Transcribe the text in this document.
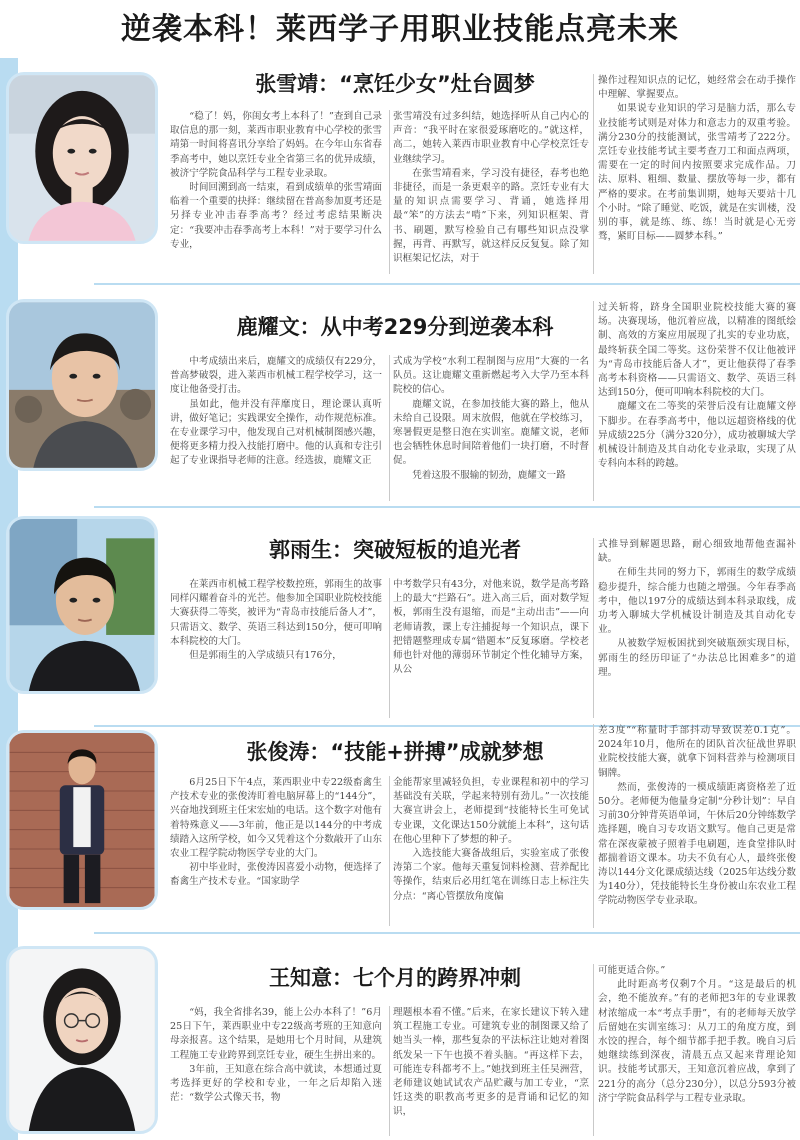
逆袭本科！莱西学子用职业技能点亮未来
张雪靖：“烹饪少女”灶台圆梦

“稳了！妈，你闺女考上本科了！”查到自己录取信息的那一刻，莱西市职业教育中心学校的张雪靖第一时间将喜讯分享给了妈妈。在今年山东省春季高考中，她以烹饪专业全省第三名的优异成绩，被济宁学院食品科学与工程专业录取。

时间回溯到高一结束，看到成绩单的张雪靖面临着一个重要的抉择：继续留在普高参加夏考还是另择专业冲击春季高考？经过考虑结果断决定：“我要冲击春季高考上本科！”对于要学习什么专业，

张雪靖没有过多纠结，她选择听从自己内心的声音：“我平时在家很爱琢磨吃的。”就这样，高二，她转入莱西市职业教育中心学校烹饪专业继续学习。

在张雪靖看来，学习没有捷径，春考也绝非捷径，而是一条更艰辛的路。烹饪专业有大量的知识点需要学习、背诵，她选择用最“笨”的方法去“啃”下来，列知识框架、背书、刷题，默写检验自己有哪些知识点没掌握，再背、再默写，就这样反反复复。除了知识框架记忆法，对于

操作过程知识点的记忆，她经常会在动手操作中理解、掌握要点。

如果说专业知识的学习是脑力活，那么专业技能考试则是对体力和意志力的双重考验。满分230分的技能测试，张雪靖考了222分。烹饪专业技能考试主要考查刀工和面点两项，需要在一定的时间内按照要求完成作品。刀法、原料、粗细、数量、摆放等每一步，都有严格的要求。在考前集训期，她每天要站十几个小时。“除了睡觉、吃饭，就是在实训楼，没别的事，就是练、练、练！当时就是心无旁骛，紧盯目标——圆梦本科。”

鹿耀文：从中考229分到逆袭本科

中考成绩出来后，鹿耀文的成绩仅有229分，普高梦破裂，进入莱西市机械工程学校学习，这一度让他备受打击。

虽如此，他并没有萍靡度日，理论课认真听讲，做好笔记；实践课安全操作，动作规范标准。在专业课学习中，他发现自己对机械制图感兴趣，便将更多精力投入技能打磨中。他的认真和专注引起了专业课指导老师的注意。经选拔，鹿耀文正

式成为学校“水利工程制图与应用”大赛的一名队员。这让鹿耀文重新燃起考入大学乃至本科院校的信心。

鹿耀文说，在参加技能大赛的路上，他从未给自己设限。周末放假，他就在学校练习，寒暑假更是整日泡在实训室。鹿耀文说，老师也会牺牲休息时间陪着他们一块打磨，不时督促。

凭着这股不服输的韧劲，鹿耀文一路

过关斩将，跻身全国职业院校技能大赛的赛场。决赛现场，他沉着应战，以精准的图纸绘制、高效的方案应用展现了扎实的专业功底，最终斩获全国二等奖。这份荣誉不仅让他被评为“青岛市技能后备人才”，更让他获得了春季高考本科资格——只需语文、数学、英语三科达到150分，便可叩响本科院校的大门。

鹿耀文在二等奖的荣誉后没有让鹿耀文停下脚步。在春季高考中，他以远超资格线的优异成绩225分（满分320分），成功被聊城大学机械设计制造及其自动化专业录取，实现了从专科向本科的跨越。

郭雨生：突破短板的追光者

在莱西市机械工程学校数控班，郭雨生的故事同样闪耀着奋斗的光芒。他参加全国职业院校技能大赛获得二等奖，被评为“青岛市技能后备人才”，只需语文、数学、英语三科达到150分，便可叩响本科院校的大门。

但是郭雨生的入学成绩只有176分，

中考数学只有43分，对他来说，数学是高考路上的最大“拦路石”。进入高三后，面对数学短板，郭雨生没有退缩，而是“主动出击”——向老师请教，课上专注捕捉每一个知识点，课下把错题整理成专属“错题本”反复琢磨。学校老师也针对他的薄弱环节制定个性化辅导方案，从公

式推导到解题思路，耐心细致地帮他查漏补缺。

在师生共同的努力下，郭雨生的数学成绩稳步提升，综合能力也随之增强。今年春季高考中，他以197分的成绩达到本科录取线，成功考入聊城大学机械设计制造及其自动化专业。

从被数学短板困扰到突破瓶颈实现目标，郭雨生的经历印证了“办法总比困难多”的道理。

张俊涛：“技能+拼搏”成就梦想

6月25日下午4点，莱西职业中专22级畜禽生产技术专业的张俊涛盯着电脑屏幕上的“144分”，兴奋地找到班主任宋宏灿的电话。这个数字对他有着特殊意义——3年前，他正是以144分的中考成绩踏入这所学校，如今又凭着这个分数敲开了山东农业工程学院动物医学专业的大门。

初中毕业时，张俊涛因喜爱小动物，便选择了畜禽生产技术专业。“国家助学

金能帮家里减轻负担，专业课程和初中的学习基础没有关联，学起来特别有劲儿。”一次技能大赛宣讲会上，老师提到“技能特长生可免试专业课，文化课达150分就能上本科”，这句话在他心里种下了梦想的种子。

入选技能大赛备战组后，实验室成了张俊涛第二个家。他每天重复饲料检测、营养配比等操作，结束后必用红笔在训练日志上标注失分点：“离心管摆放角度偏

差3度”“称量时手部抖动导致误差0.1克”。2024年10月，他所在的团队首次征战世界职业院校技能大赛，就拿下饲料营养与检测项目铜牌。

然而，张俊涛的一模成绩距离资格差了近50分。老师便为他量身定制“分秒计划”：早自习前30分钟背英语单词，午休后20分钟练数学选择题，晚自习专攻语文默写。他自己更是常常在深夜蒙被子照着手电刷题，连食堂排队时都揣着语文课本。功夫不负有心人，最终张俊涛以144分文化课成绩达线（2025年达线分数为140分），凭技能特长生身份被山东农业工程学院动物医学专业录取。

王知意：七个月的跨界冲刺

“妈，我全省排名39，能上公办本科了！”6月25日下午，莱西职业中专22级高考班的王知意向母亲报喜。这个结果，是她用七个月时间，从建筑工程施工专业跨界到烹饪专业，硬生生拼出来的。

3年前，王知意在综合高中就读，本想通过夏考选择更好的学校和专业，一年之后却陷入迷茫：“数学公式像天书，物

理题根本看不懂。”后来，在家长建议下转入建筑工程施工专业。可建筑专业的制图课又给了她当头一棒，那些复杂的平法标注让她对着图纸发呆一下午也摸不着头脑。“再这样下去，可能连专科都考不上。”她找到班主任吴洲营，老师建议她试试农产品贮藏与加工专业，“烹饪这类的职教高考更多的是背诵和记忆的知识，

可能更适合你。”

此时距高考仅剩7个月。“这是最后的机会，绝不能放弃。”有的老师把3年的专业课教材浓缩成一本“考点手册”，有的老师每天放学后留她在实训室练习：从刀工的角度方度，到水饺的捏合，每个细节都手把手教。晚自习后她继续练到深夜，清晨五点又起来背理论知识。技能考试那天，王知意沉着应战，拿到了221分的高分（总分230分），以总分593分被济宁学院食品科学与工程专业录取。
